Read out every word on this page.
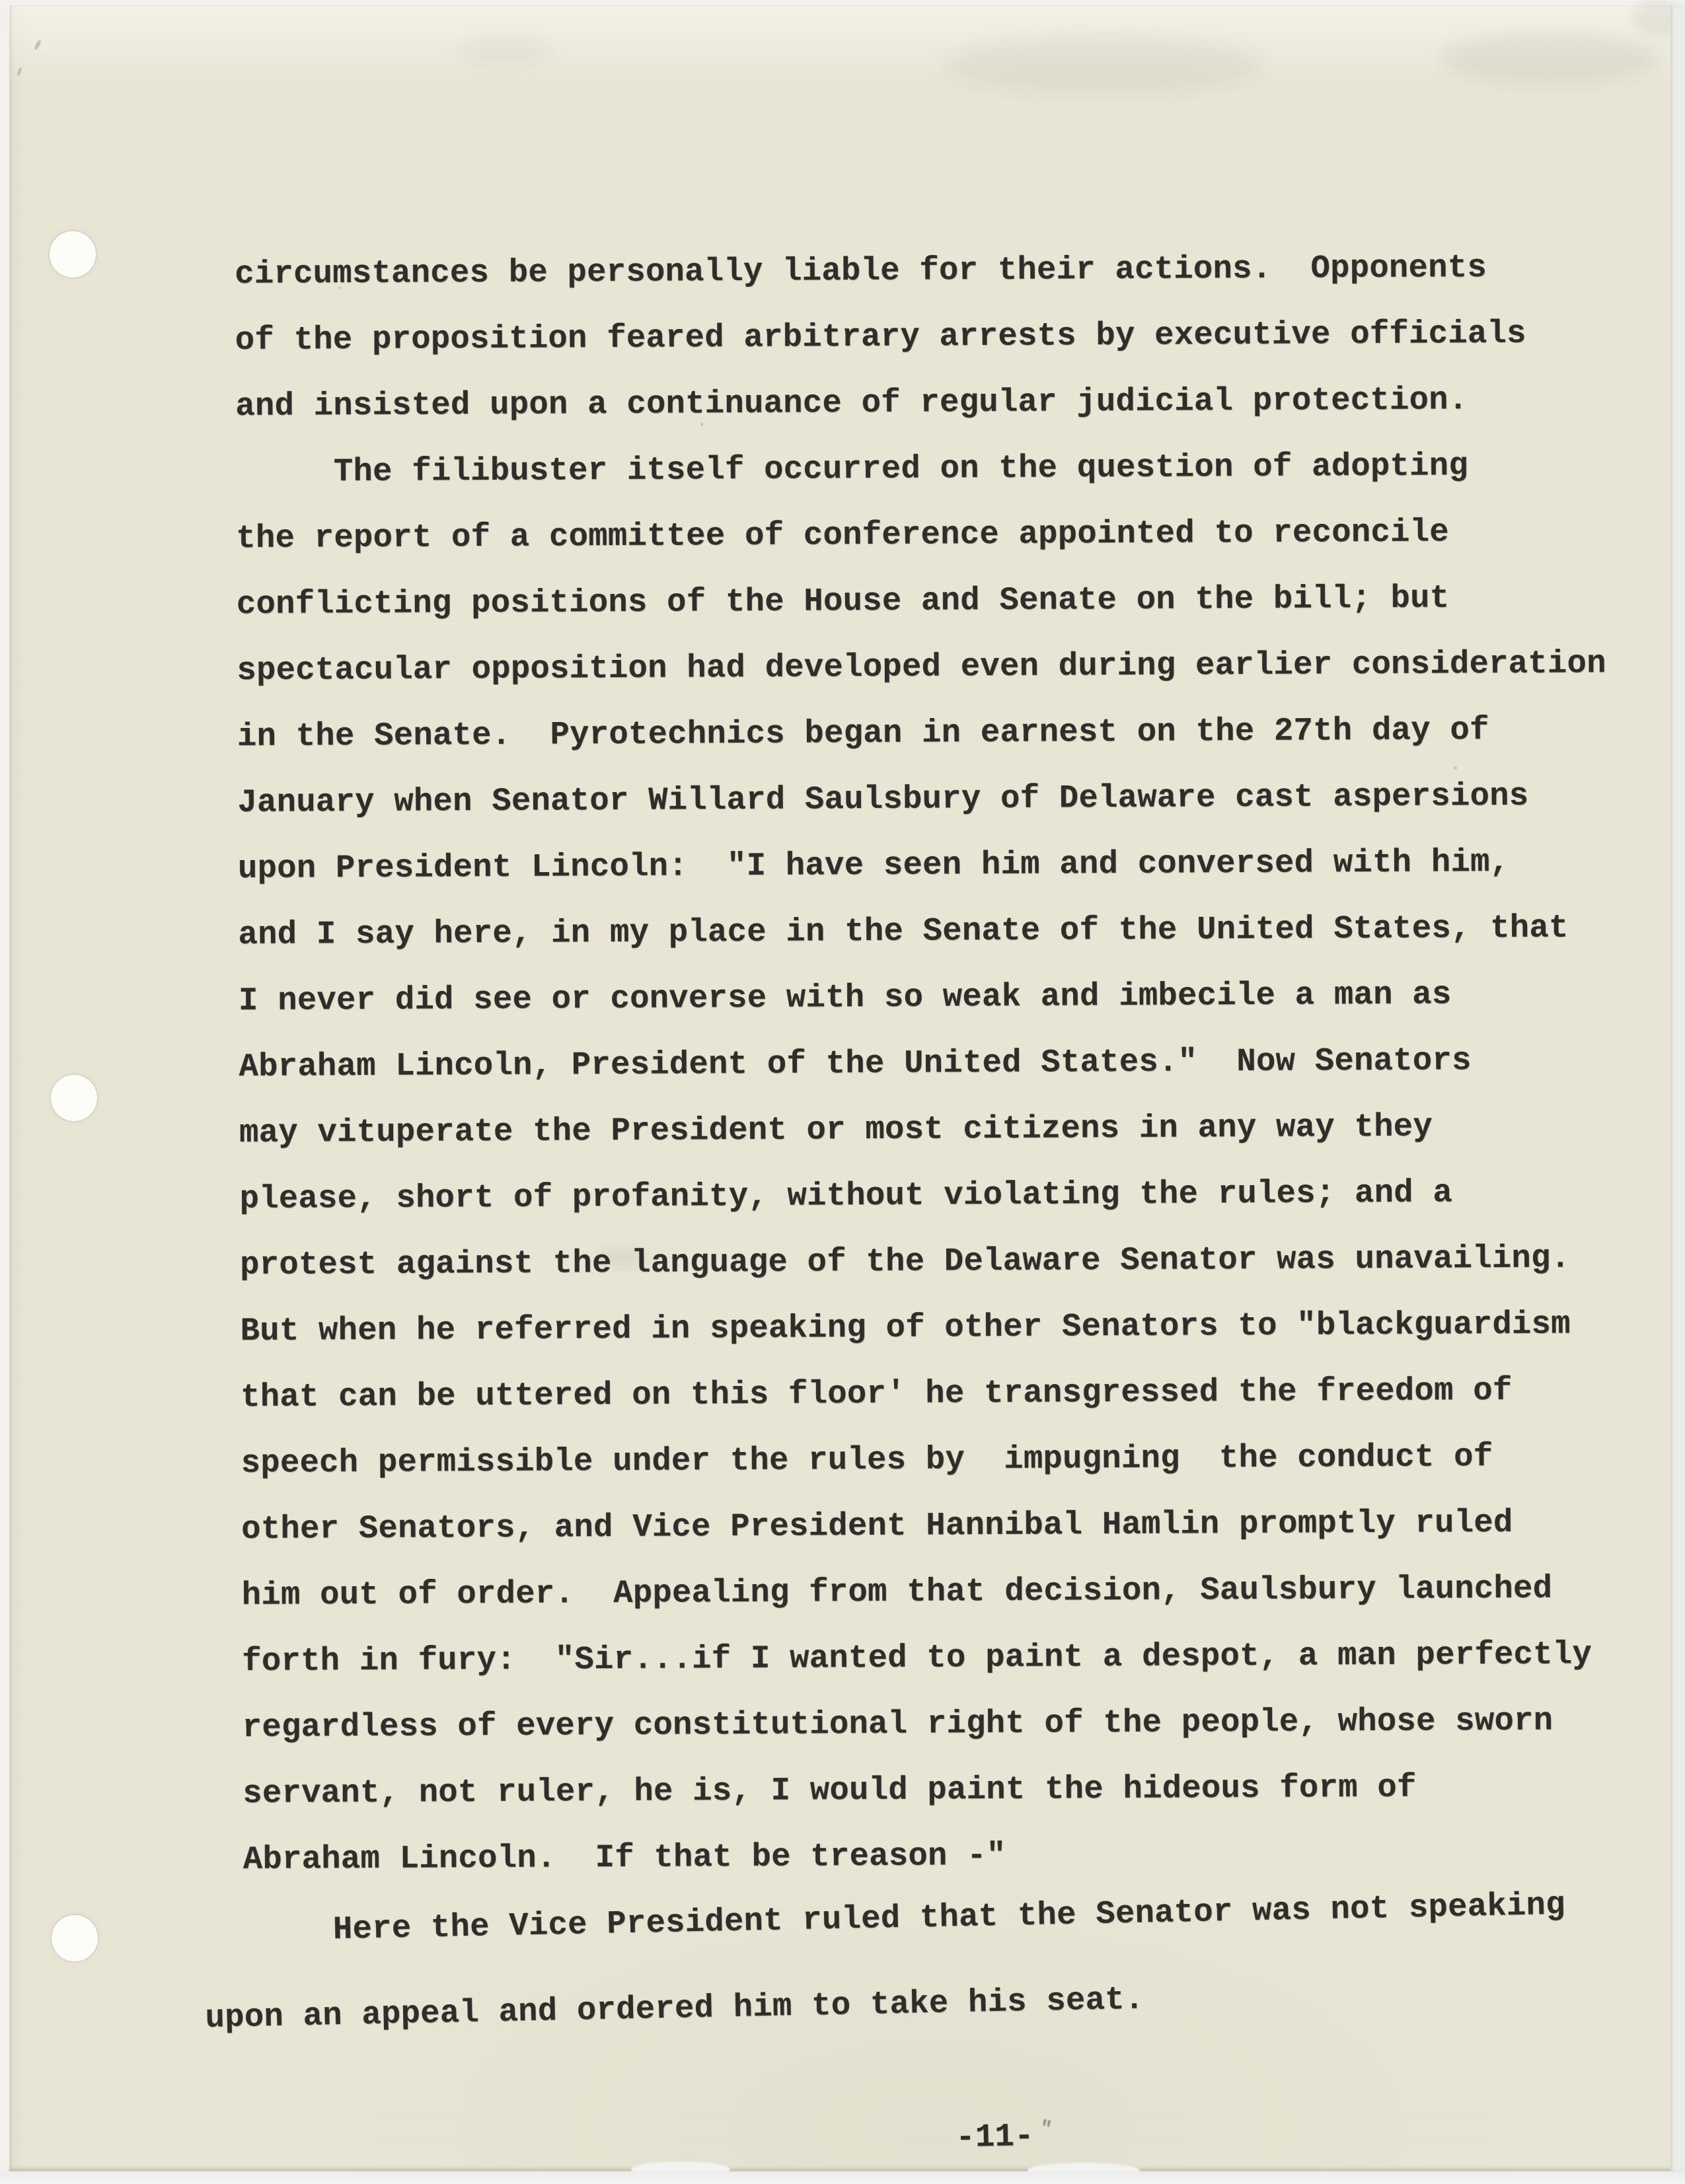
circumstances be personally liable for their actions.  Opponents
of the proposition feared arbitrary arrests by executive officials
and insisted upon a continuance of regular judicial protection.
The filibuster itself occurred on the question of adopting
the report of a committee of conference appointed to reconcile
conflicting positions of the House and Senate on the bill; but
spectacular opposition had developed even during earlier consideration
in the Senate.  Pyrotechnics began in earnest on the 27th day of
January when Senator Willard Saulsbury of Delaware cast aspersions
upon President Lincoln:  "I have seen him and conversed with him,
and I say here, in my place in the Senate of the United States, that
I never did see or converse with so weak and imbecile a man as
Abraham Lincoln, President of the United States."  Now Senators
may vituperate the President or most citizens in any way they
please, short of profanity, without violating the rules; and a
protest against the language of the Delaware Senator was unavailing.
But when he referred in speaking of other Senators to "blackguardism
that can be uttered on this floor' he transgressed the freedom of
speech permissible under the rules by  impugning  the conduct of
other Senators, and Vice President Hannibal Hamlin promptly ruled
him out of order.  Appealing from that decision, Saulsbury launched
forth in fury:  "Sir...if I wanted to paint a despot, a man perfectly
regardless of every constitutional right of the people, whose sworn
servant, not ruler, he is, I would paint the hideous form of
Abraham Lincoln.  If that be treason -"
Here the Vice President ruled that the Senator was not speaking
upon an appeal and ordered him to take his seat.

-11- "
